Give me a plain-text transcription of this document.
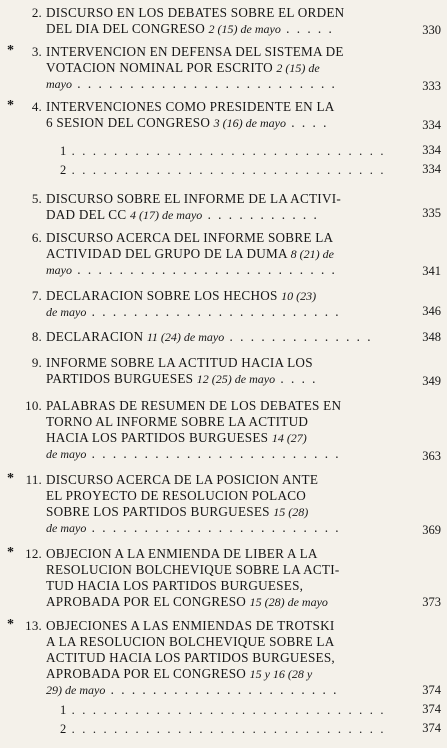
2. DISCURSO EN LOS DEBATES SOBRE EL ORDEN
DEL DIA DEL CONGRESO 2 (15) de mayo . . . . .	330
*	3. INTERVENCION EN DEFENSA DEL SISTEMA DE
VOTACION NOMINAL POR ESCRITO 2 (15) de
mayo . . . . . . . . . . . . . . . . . . . . . . . . .	333
*	4. INTERVENCIONES COMO PRESIDENTE EN LA
6 SESION DEL CONGRESO 3 (16) de mayo . . . .	334
1 . . . . . . . . . . . . . . . . . . . . . . . . . . . . . .	334
2 . . . . . . . . . . . . . . . . . . . . . . . . . . . . . .	334
5. DISCURSO SOBRE EL INFORME DE LA ACTIVI-
DAD DEL CC 4 (17) de mayo . . . . . . . . . . .	335
6. DISCURSO ACERCA DEL INFORME SOBRE LA
ACTIVIDAD DEL GRUPO DE LA DUMA 8 (21) de
mayo . . . . . . . . . . . . . . . . . . . . . . . . .	341
7. DECLARACION SOBRE LOS HECHOS 10 (23)
de mayo . . . . . . . . . . . . . . . . . . . . . . . .	346
8. DECLARACION 11 (24) de mayo . . . . . . . . . . . . . .	348
9. INFORME SOBRE LA ACTITUD HACIA LOS
PARTIDOS BURGUESES 12 (25) de mayo . . . .	349
10. PALABRAS DE RESUMEN DE LOS DEBATES EN
TORNO AL INFORME SOBRE LA ACTITUD
HACIA LOS PARTIDOS BURGUESES 14 (27)
de mayo . . . . . . . . . . . . . . . . . . . . . . . .	363
* 11. DISCURSO ACERCA DE LA POSICION ANTE
EL PROYECTO DE RESOLUCION POLACO
SOBRE LOS PARTIDOS BURGUESES 15 (28)
de mayo . . . . . . . . . . . . . . . . . . . . . . . .	369
* 12. OBJECION A LA ENMIENDA DE LIBER A LA
RESOLUCION BOLCHEVIQUE SOBRE LA ACTI-
TUD HACIA LOS PARTIDOS BURGUESES,
APROBADA POR EL CONGRESO 15 (28) de mayo	373
* 13. OBJECIONES A LAS ENMIENDAS DE TROTSKI
A LA RESOLUCION BOLCHEVIQUE SOBRE LA
ACTITUD HACIA LOS PARTIDOS BURGUESES,
APROBADA POR EL CONGRESO 15 y 16 (28 y
29) de mayo . . . . . . . . . . . . . . . . . . . . . .	374
1 . . . . . . . . . . . . . . . . . . . . . . . . . . . . . .	374
2 . . . . . . . . . . . . . . . . . . . . . . . . . . . . . .	374
